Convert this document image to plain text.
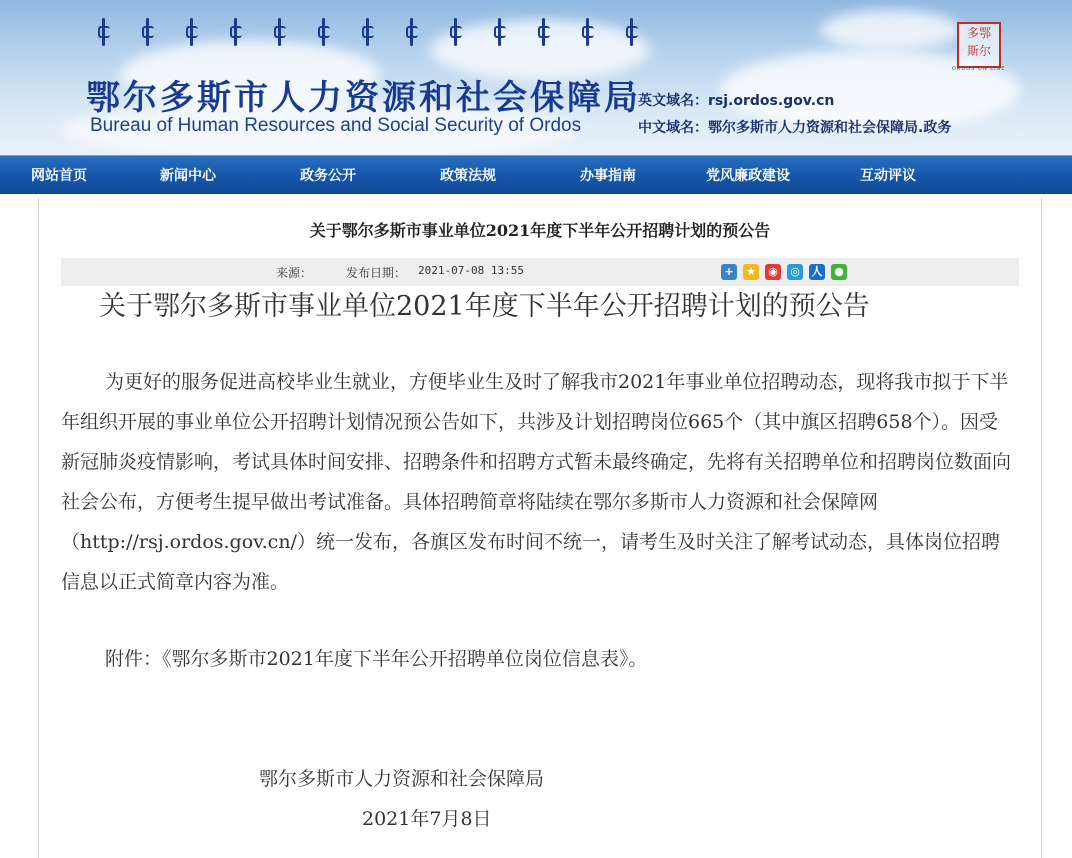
鄂尔多斯市人力资源和社会保障局
Bureau of Human Resources and Social Security of Ordos
英文域名：rsj.ordos.gov.cn
中文域名：鄂尔多斯市人力资源和社会保障局.政务
多鄂
斯尔
ORDOS ON LINE
网站首页	新闻中心	政务公开	政策法规	办事指南	党风廉政建设	互动评议
关于鄂尔多斯市事业单位2021年度下半年公开招聘计划的预公告
来源：	发布日期： 2021-07-08 13:55	+	★ ◉ ◎ 人 ●
关于鄂尔多斯市事业单位2021年度下半年公开招聘计划的预公告
为更好的服务促进高校毕业生就业，方便毕业生及时了解我市2021年事业单位招聘动态，现将我市拟于下半年组织开展的事业单位公开招聘计划情况预公告如下，共涉及计划招聘岗位665个（其中旗区招聘658个）。因受新冠肺炎疫情影响，考试具体时间安排、招聘条件和招聘方式暂未最终确定，先将有关招聘单位和招聘岗位数面向社会公布，方便考生提早做出考试准备。具体招聘简章将陆续在鄂尔多斯市人力资源和社会保障网（http://rsj.ordos.gov.cn/）统一发布，各旗区发布时间不统一，请考生及时关注了解考试动态，具体岗位招聘信息以正式简章内容为准。
附件：《鄂尔多斯市2021年度下半年公开招聘单位岗位信息表》。
鄂尔多斯市人力资源和社会保障局
2021年7月8日
